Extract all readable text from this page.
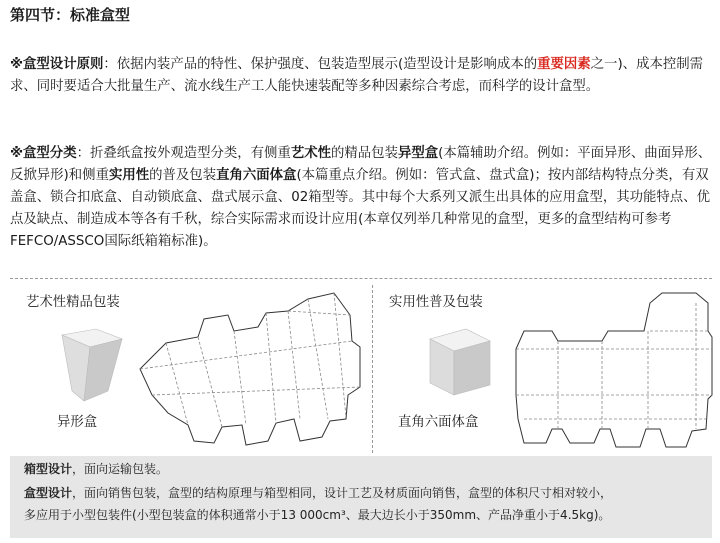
第四节：标准盒型
※盒型设计原则：依据内装产品的特性、保护强度、包装造型展示(造型设计是影响成本的重要因素之一)、成本控制需求、同时要适合大批量生产、流水线生产工人能快速装配等多种因素综合考虑，而科学的设计盒型。
※盒型分类：折叠纸盒按外观造型分类，有侧重艺术性的精品包装异型盒(本篇辅助介绍。例如：平面异形、曲面异形、反掀异形)和侧重实用性的普及包装直角六面体盒(本篇重点介绍。例如：管式盒、盘式盒)；按内部结构特点分类，有双盖盒、锁合扣底盒、自动锁底盒、盘式展示盒、02箱型等。其中每个大系列又派生出具体的应用盒型，其功能特点、优点及缺点、制造成本等各有千秋，综合实际需求而设计应用(本章仅列举几种常见的盒型，更多的盒型结构可参考FEFCO/ASSCO国际纸箱箱标准)。
艺术性精品包装
异形盒
实用性普及包装
直角六面体盒
箱型设计，面向运输包装。
盒型设计，面向销售包装，盒型的结构原理与箱型相同，设计工艺及材质面向销售，盒型的体积尺寸相对较小，
多应用于小型包装件(小型包装盒的体积通常小于13 000cm³、最大边长小于350mm、产品净重小于4.5kg)。
